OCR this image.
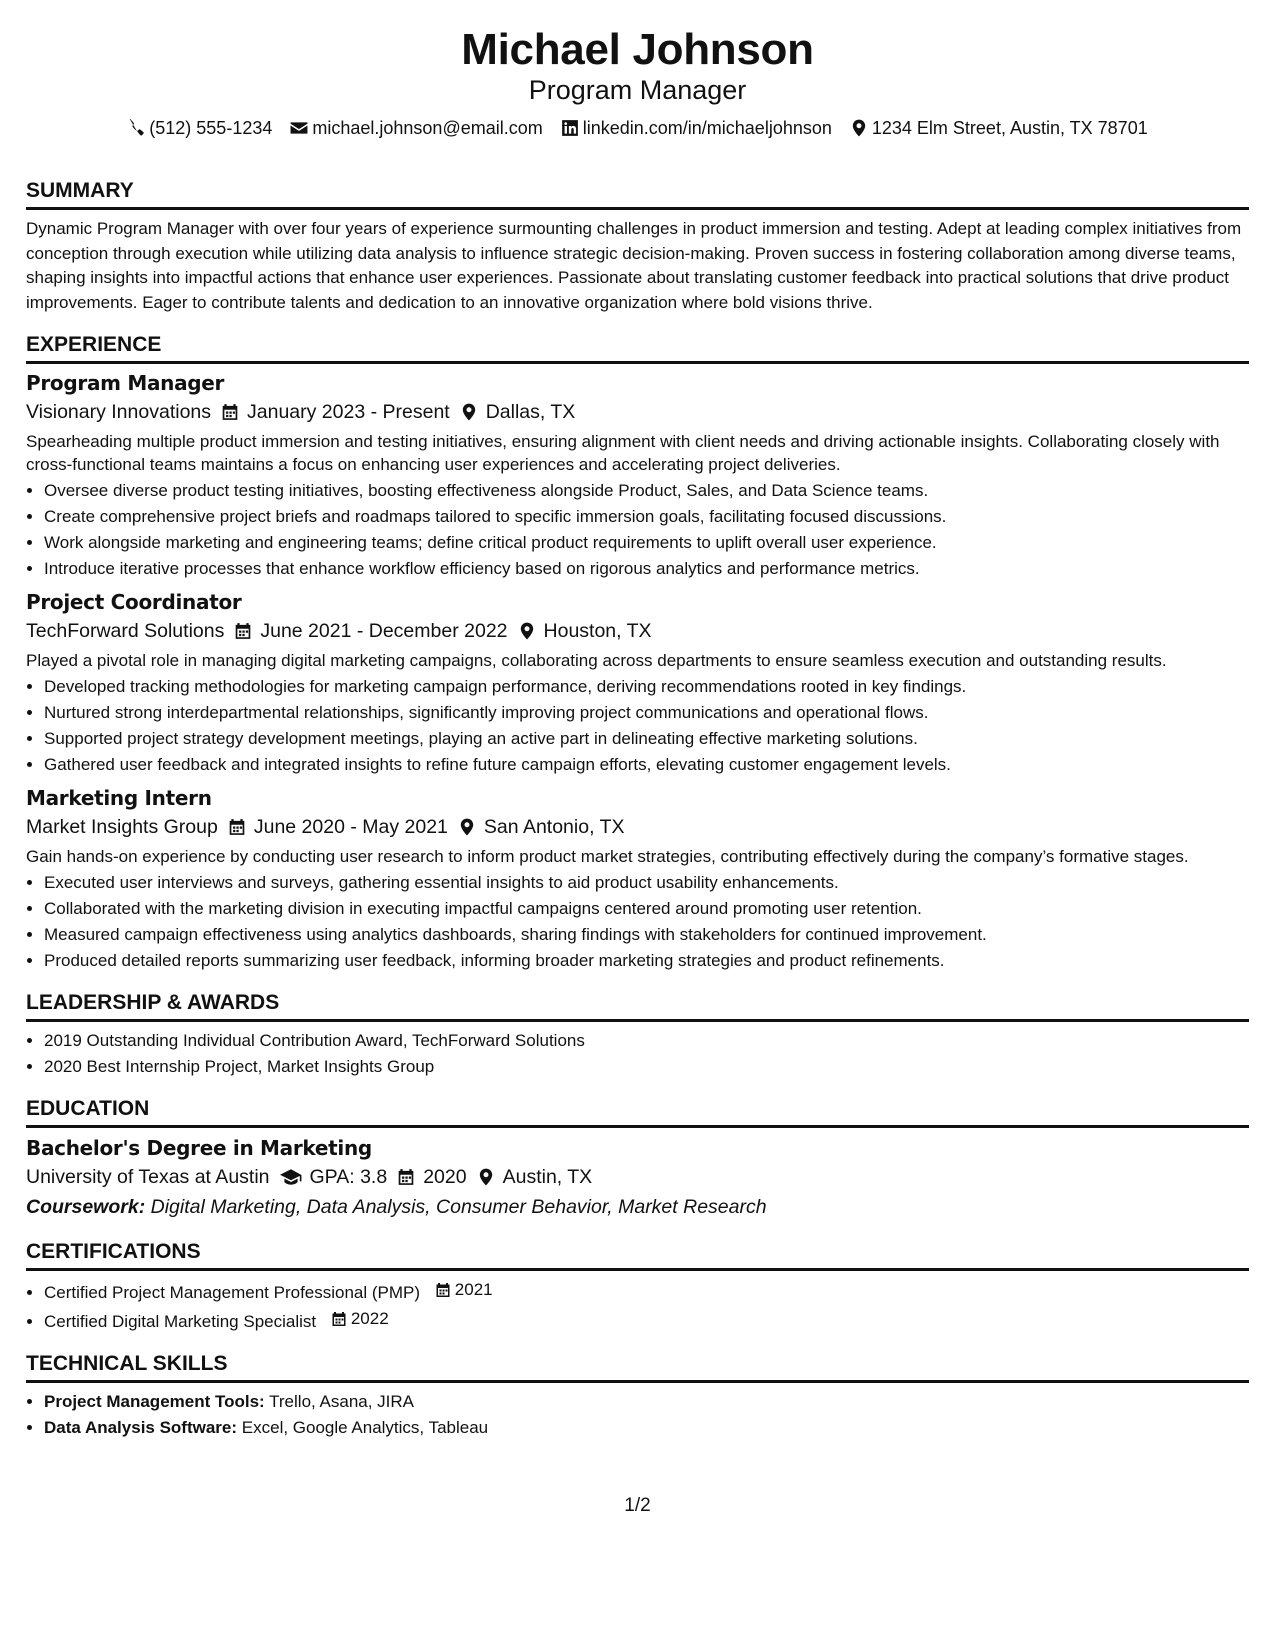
Michael Johnson
Program Manager
(512) 555-1234 michael.johnson@email.com linkedin.com/in/michaeljohnson 1234 Elm Street, Austin, TX 78701
SUMMARY
Dynamic Program Manager with over four years of experience surmounting challenges in product immersion and testing. Adept at leading complex initiatives from conception through execution while utilizing data analysis to influence strategic decision-making. Proven success in fostering collaboration among diverse teams, shaping insights into impactful actions that enhance user experiences. Passionate about translating customer feedback into practical solutions that drive product improvements. Eager to contribute talents and dedication to an innovative organization where bold visions thrive.
EXPERIENCE
Program Manager
Visionary Innovations January 2023 - Present Dallas, TX
Spearheading multiple product immersion and testing initiatives, ensuring alignment with client needs and driving actionable insights. Collaborating closely with cross-functional teams maintains a focus on enhancing user experiences and accelerating project deliveries.
• Oversee diverse product testing initiatives, boosting effectiveness alongside Product, Sales, and Data Science teams.
• Create comprehensive project briefs and roadmaps tailored to specific immersion goals, facilitating focused discussions.
• Work alongside marketing and engineering teams; define critical product requirements to uplift overall user experience.
• Introduce iterative processes that enhance workflow efficiency based on rigorous analytics and performance metrics.
Project Coordinator
TechForward Solutions June 2021 - December 2022 Houston, TX
Played a pivotal role in managing digital marketing campaigns, collaborating across departments to ensure seamless execution and outstanding results.
• Developed tracking methodologies for marketing campaign performance, deriving recommendations rooted in key findings.
• Nurtured strong interdepartmental relationships, significantly improving project communications and operational flows.
• Supported project strategy development meetings, playing an active part in delineating effective marketing solutions.
• Gathered user feedback and integrated insights to refine future campaign efforts, elevating customer engagement levels.
Marketing Intern
Market Insights Group June 2020 - May 2021 San Antonio, TX
Gain hands-on experience by conducting user research to inform product market strategies, contributing effectively during the company’s formative stages.
• Executed user interviews and surveys, gathering essential insights to aid product usability enhancements.
• Collaborated with the marketing division in executing impactful campaigns centered around promoting user retention.
• Measured campaign effectiveness using analytics dashboards, sharing findings with stakeholders for continued improvement.
• Produced detailed reports summarizing user feedback, informing broader marketing strategies and product refinements.
LEADERSHIP & AWARDS
• 2019 Outstanding Individual Contribution Award, TechForward Solutions
• 2020 Best Internship Project, Market Insights Group
EDUCATION
Bachelor's Degree in Marketing
University of Texas at Austin GPA: 3.8 2020 Austin, TX
Coursework: Digital Marketing, Data Analysis, Consumer Behavior, Market Research
CERTIFICATIONS
• Certified Project Management Professional (PMP) 2021
• Certified Digital Marketing Specialist 2022
TECHNICAL SKILLS
• Project Management Tools: Trello, Asana, JIRA
• Data Analysis Software: Excel, Google Analytics, Tableau
1/2
